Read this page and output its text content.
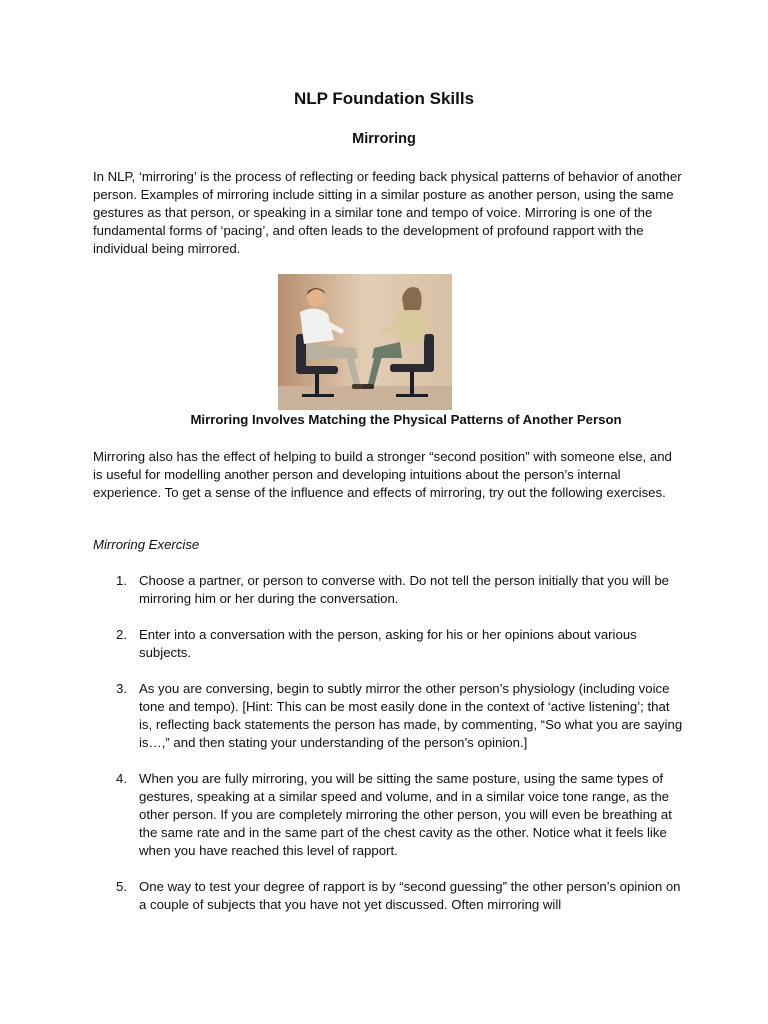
NLP Foundation Skills
Mirroring

In NLP, ‘mirroring’ is the process of reflecting or feeding back physical patterns of behavior of another person. Examples of mirroring include sitting in a similar posture as another person, using the same gestures as that person, or speaking in a similar tone and tempo of voice. Mirroring is one of the fundamental forms of ‘pacing’, and often leads to the development of profound rapport with the individual being mirrored.

Mirroring Involves Matching the Physical Patterns of Another Person

Mirroring also has the effect of helping to build a stronger “second position” with someone else, and is useful for modelling another person and developing intuitions about the person’s internal experience. To get a sense of the influence and effects of mirroring, try out the following exercises.

Mirroring Exercise

1. Choose a partner, or person to converse with. Do not tell the person initially that you will be mirroring him or her during the conversation.
2. Enter into a conversation with the person, asking for his or her opinions about various subjects.
3. As you are conversing, begin to subtly mirror the other person’s physiology (including voice tone and tempo). [Hint: This can be most easily done in the context of ‘active listening’; that is, reflecting back statements the person has made, by commenting, “So what you are saying is…,” and then stating your understanding of the person’s opinion.]
4. When you are fully mirroring, you will be sitting the same posture, using the same types of gestures, speaking at a similar speed and volume, and in a similar voice tone range, as the other person. If you are completely mirroring the other person, you will even be breathing at the same rate and in the same part of the chest cavity as the other. Notice what it feels like when you have reached this level of rapport.
5. One way to test your degree of rapport is by “second guessing” the other person’s opinion on a couple of subjects that you have not yet discussed. Often mirroring will
